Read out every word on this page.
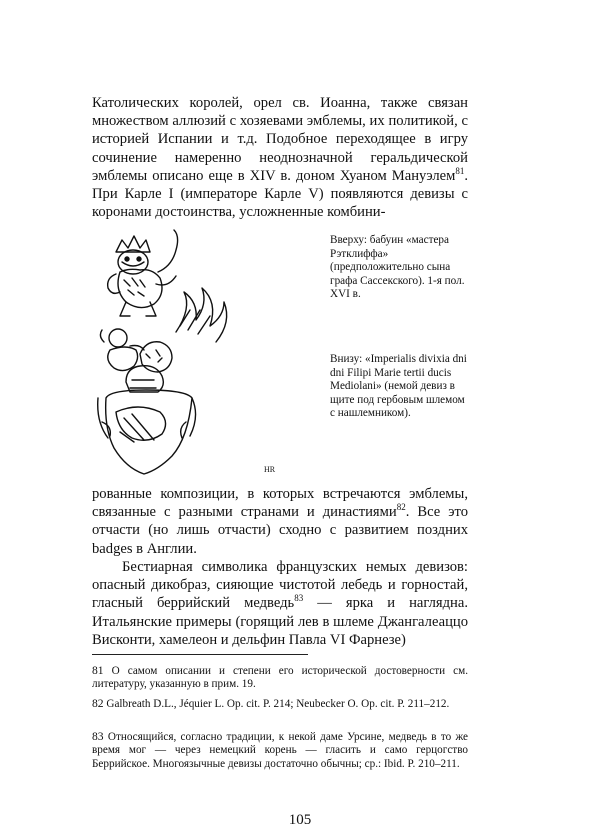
Католических королей, орел св. Иоанна, также связан множеством аллюзий с хозяевами эмблемы, их политикой, с историей Испании и т.д. Подобное переходящее в игру сочинение намеренно неоднозначной геральдической эмблемы описано еще в XIV в. доном Хуаном Мануэлем$^{81}$. При Карле I (императоре Карле V) появляются девизы с коронами достоинства, усложненные комбини-

HR

Вверху: бабуин «мастера Рэтклиффа» (предположительно сына графа Сассекского). 1-я пол. XVI в.

Внизу: «Imperialis divixia dni dni Filipi Marie tertii ducis Mediolani» (немой девиз в щите под гербовым шлемом с нашлемником).

рованные композиции, в которых встречаются эмблемы, связанные с разными странами и династиями$^{82}$. Все это отчасти (но лишь отчасти) сходно с развитием поздних badges в Англии.

Бестиарная символика французских немых девизов: опасный дикобраз, сияющие чистотой лебедь и горностай, гласный беррийский медведь$^{83}$ — ярка и наглядна. Итальянские примеры (горящий лев в шлеме Джангалеаццо Висконти, хамелеон и дельфин Павла VI Фарнезе)

81 О самом описании и степени его исторической достоверности см. литературу, указанную в прим. 19.

82 Galbreath D.L., Jéquier L. Op. cit. P. 214; Neubecker O. Op. cit. P. 211–212.

83 Относящийся, согласно традиции, к некой даме Урсине, медведь в то же время мог — через немецкий корень — гласить и само герцогство Беррийское. Многоязычные девизы достаточно обычны; ср.: Ibid. P. 210–211.

105
